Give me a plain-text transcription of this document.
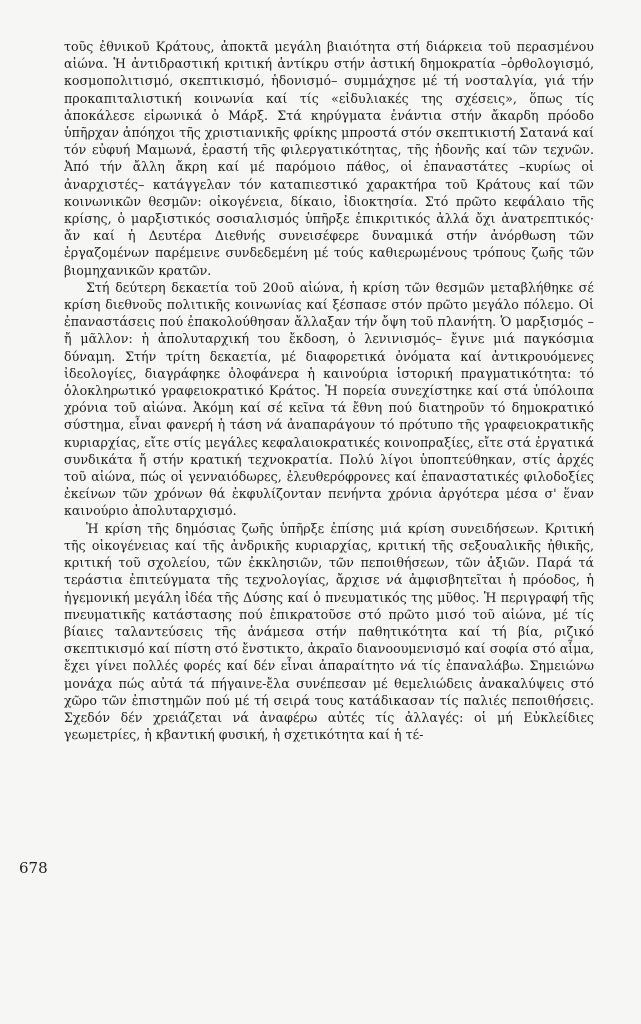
τοῦς ἐθνικοῦ Κράτους, ἀποκτᾶ μεγάλη βιαιότητα στή διάρκεια τοῦ περασμένου αἰώνα. Ἡ ἀντιδραστική κριτική ἀντίκρυ στήν ἀστική δημοκρατία –ὀρθολογισμό, κοσμοπολιτισμό, σκεπτικισμό, ἡδονισμό– συμμάχησε μέ τή νοσταλγία, γιά τήν προκαπιταλιστική κοινωνία καί τίς «εἰδυλιακές της σχέσεις», ὅπως τίς ἀποκάλεσε εἰρωνικά ὁ Μάρξ. Στά κηρύγματα ἐνάντια στήν ἄκαρδη πρόοδο ὑπῆρχαν ἀπόηχοι τῆς χριστιανικῆς φρίκης μπροστά στόν σκεπτικιστή Σατανά καί τόν εὐφυή Μαμωνά, ἐραστή τῆς φιλεργατικότητας, τῆς ἡδονῆς καί τῶν τεχνῶν. Ἀπό τήν ἄλλη ἄκρη καί μέ παρόμοιο πάθος, οἱ ἐπαναστάτες –κυρίως οἱ ἀναρχιστές– κατάγγελαν τόν καταπιεστικό χαρακτήρα τοῦ Κράτους καί τῶν κοινωνικῶν θεσμῶν: οἰκογένεια, δίκαιο, ἰδιοκτησία. Στό πρῶτο κεφάλαιο τῆς κρίσης, ὁ μαρξιστικός σοσιαλισμός ὑπῆρξε ἐπικριτικός ἀλλά ὄχι ἀνατρεπτικός· ἄν καί ἡ Δευτέρα Διεθνής συνεισέφερε δυναμικά στήν ἀνόρθωση τῶν ἐργαζομένων παρέμεινε συνδεδεμένη μέ τούς καθιερωμένους τρόπους ζωῆς τῶν βιομηχανικῶν κρατῶν.

Στή δεύτερη δεκαετία τοῦ 20οῦ αἰώνα, ἡ κρίση τῶν θεσμῶν μεταβλήθηκε σέ κρίση διεθνοῦς πολιτικῆς κοινωνίας καί ξέσπασε στόν πρῶτο μεγάλο πόλεμο. Οἱ ἐπαναστάσεις πού ἐπακολούθησαν ἄλλαξαν τήν ὄψη τοῦ πλανήτη. Ὁ μαρξισμός –ἤ μᾶλλον: ἡ ἀπολυταρχική του ἔκδοση, ὁ λενινισμός– ἔγινε μιά παγκόσμια δύναμη. Στήν τρίτη δεκαετία, μέ διαφορετικά ὀνόματα καί ἀντικρουόμενες ἰδεολογίες, διαγράφηκε ὁλοφάνερα ἡ καινούρια ἱστορική πραγματικότητα: τό ὁλοκληρωτικό γραφειοκρατικό Κράτος. Ἡ πορεία συνεχίστηκε καί στά ὑπόλοιπα χρόνια τοῦ αἰώνα. Ἀκόμη καί σέ κεῖνα τά ἔθνη πού διατηροῦν τό δημοκρατικό σύστημα, εἶναι φανερή ἡ τάση νά ἀναπαράγουν τό πρότυπο τῆς γραφειοκρατικῆς κυριαρχίας, εἴτε στίς μεγάλες κεφαλαιοκρατικές κοινοπραξίες, εἴτε στά ἐργατικά συνδικάτα ἤ στήν κρατική τεχνοκρατία. Πολύ λίγοι ὑποπτεύθηκαν, στίς ἀρχές τοῦ αἰώνα, πώς οἱ γενναιόδωρες, ἐλευθερόφρονες καί ἐπαναστατικές φιλοδοξίες ἐκείνων τῶν χρόνων θά ἐκφυλίζονταν πενήντα χρόνια ἀργότερα μέσα σ' ἕναν καινούριο ἀπολυταρχισμό.

Ἡ κρίση τῆς δημόσιας ζωῆς ὑπῆρξε ἐπίσης μιά κρίση συνειδήσεων. Κριτική τῆς οἰκογένειας καί τῆς ἀνδρικῆς κυριαρχίας, κριτική τῆς σεξουαλικῆς ἠθικῆς, κριτική τοῦ σχολείου, τῶν ἐκκλησιῶν, τῶν πεποιθήσεων, τῶν ἀξιῶν. Παρά τά τεράστια ἐπιτεύγματα τῆς τεχνολογίας, ἄρχισε νά ἀμφισβητεῖται ἡ πρόοδος, ἡ ἡγεμονική μεγάλη ἰδέα τῆς Δύσης καί ὁ πνευματικός της μῦθος. Ἡ περιγραφή τῆς πνευματικῆς κατάστασης πού ἐπικρατοῦσε στό πρῶτο μισό τοῦ αἰώνα, μέ τίς βίαιες ταλαντεύσεις τῆς ἀνάμεσα στήν παθητικότητα καί τή βία, ριζικό σκεπτικισμό καί πίστη στό ἔνστικτο, ἀκραῖο διανοουμενισμό καί σοφία στό αἷμα, ἔχει γίνει πολλές φορές καί δέν εἶναι ἀπαραίτητο νά τίς ἐπαναλάβω. Σημειώνω μονάχα πώς αὐτά τά πήγαινε-ἔλα συνέπεσαν μέ θεμελιώδεις ἀνακαλύψεις στό χῶρο τῶν ἐπιστημῶν πού μέ τή σειρά τους κατάδικασαν τίς παλιές πεποιθήσεις. Σχεδόν δέν χρειάζεται νά ἀναφέρω αὐτές τίς ἀλλαγές: οἱ μή Εὐκλείδιες γεωμετρίες, ἡ κβαντική φυσική, ἡ σχετικότητα καί ἡ τέ-

678
